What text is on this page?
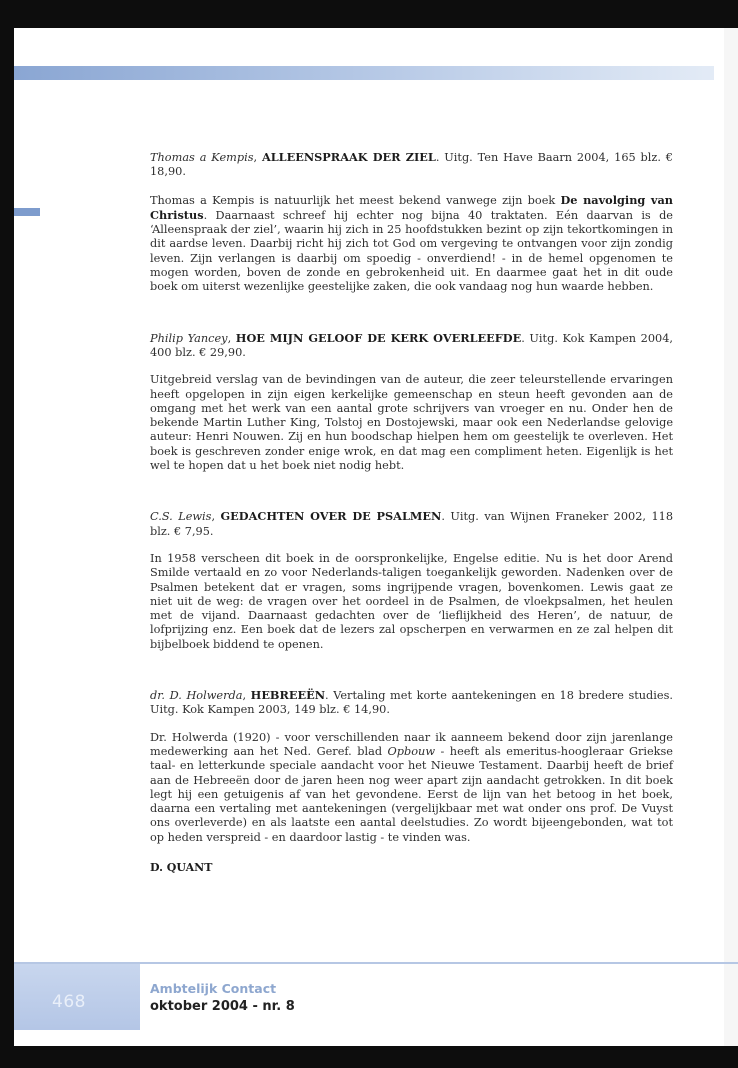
Thomas a Kempis, ALLEENSPRAAK DER ZIEL. Uitg. Ten Have Baarn 2004, 165 blz. € 18,90.

Thomas a Kempis is natuurlijk het meest bekend vanwege zijn boek De navolging van Christus. Daarnaast schreef hij echter nog bijna 40 traktaten. Eén daarvan is de ‘Alleenspraak der ziel’, waarin hij zich in 25 hoofdstukken bezint op zijn tekortkomingen in dit aardse leven. Daarbij richt hij zich tot God om vergeving te ontvangen voor zijn zondig leven. Zijn verlangen is daarbij om spoedig - onverdiend! - in de hemel opgenomen te mogen worden, boven de zonde en gebrokenheid uit. En daarmee gaat het in dit oude boek om uiterst wezenlijke geestelijke zaken, die ook vandaag nog hun waarde hebben.

Philip Yancey, HOE MIJN GELOOF DE KERK OVERLEEFDE. Uitg. Kok Kampen 2004, 400 blz. € 29,90.

Uitgebreid verslag van de bevindingen van de auteur, die zeer teleurstellende ervaringen heeft opgelopen in zijn eigen kerkelijke gemeenschap en steun heeft gevonden aan de omgang met het werk van een aantal grote schrijvers van vroeger en nu. Onder hen de bekende Martin Luther King, Tolstoj en Dostojewski, maar ook een Nederlandse gelovige auteur: Henri Nouwen. Zij en hun boodschap hielpen hem om geestelijk te overleven. Het boek is geschreven zonder enige wrok, en dat mag een compliment heten. Eigenlijk is het wel te hopen dat u het boek niet nodig hebt.

C.S. Lewis, GEDACHTEN OVER DE PSALMEN. Uitg. van Wijnen Franeker 2002, 118 blz. € 7,95.

In 1958 verscheen dit boek in de oorspronkelijke, Engelse editie. Nu is het door Arend Smilde vertaald en zo voor Nederlands-taligen toegankelijk geworden. Nadenken over de Psalmen betekent dat er vragen, soms ingrijpende vragen, bovenkomen. Lewis gaat ze niet uit de weg: de vragen over het oordeel in de Psalmen, de vloekpsalmen, het heulen met de vijand. Daarnaast gedachten over de ‘lieflijkheid des Heren’, de natuur, de lofprijzing enz. Een boek dat de lezers zal opscherpen en verwarmen en ze zal helpen dit bijbelboek biddend te openen.

dr. D. Holwerda, HEBREEËN. Vertaling met korte aantekeningen en 18 bredere studies. Uitg. Kok Kampen 2003, 149 blz. € 14,90.

Dr. Holwerda (1920) - voor verschillenden naar ik aanneem bekend door zijn jarenlange medewerking aan het Ned. Geref. blad Opbouw - heeft als emeritus-hoogleraar Griekse taal- en letterkunde speciale aandacht voor het Nieuwe Testament. Daarbij heeft de brief aan de Hebreeën door de jaren heen nog weer apart zijn aandacht getrokken. In dit boek legt hij een getuigenis af van het gevondene. Eerst de lijn van het betoog in het boek, daarna een vertaling met aantekeningen (vergelijkbaar met wat onder ons prof. De Vuyst ons overleverde) en als laatste een aantal deelstudies. Zo wordt bijeengebonden, wat tot op heden verspreid - en daardoor lastig - te vinden was.

D. QUANT

468
Ambtelijk Contact
oktober 2004 - nr. 8
